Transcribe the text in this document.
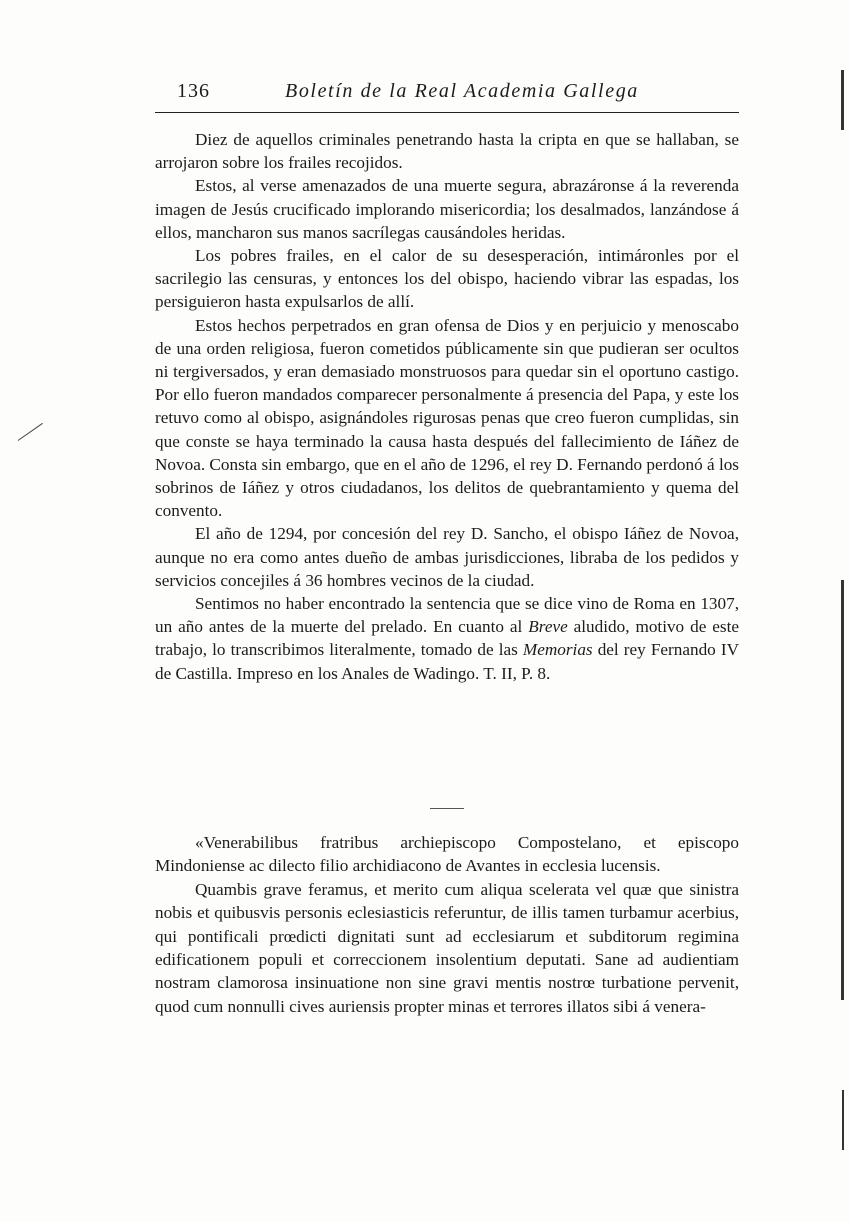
136	Boletín de la Real Academia Gallega

Diez de aquellos criminales penetrando hasta la cripta en que se hallaban, se arrojaron sobre los frailes recojidos.

Estos, al verse amenazados de una muerte segura, abrazáronse á la reverenda imagen de Jesús crucificado implorando misericordia; los desalmados, lanzándose á ellos, mancharon sus manos sacrílegas causándoles heridas.

Los pobres frailes, en el calor de su desesperación, intimáronles por el sacrilegio las censuras, y entonces los del obispo, haciendo vibrar las espadas, los persiguieron hasta expulsarlos de allí.

Estos hechos perpetrados en gran ofensa de Dios y en perjuicio y menoscabo de una orden religiosa, fueron cometidos públicamente sin que pudieran ser ocultos ni tergiversados, y eran demasiado monstruosos para quedar sin el oportuno castigo. Por ello fueron mandados comparecer personalmente á presencia del Papa, y este los retuvo como al obispo, asignándoles rigurosas penas que creo fueron cumplidas, sin que conste se haya terminado la causa hasta después del fallecimiento de Iáñez de Novoa. Consta sin embargo, que en el año de 1296, el rey D. Fernando perdonó á los sobrinos de Iáñez y otros ciudadanos, los delitos de quebrantamiento y quema del convento.

El año de 1294, por concesión del rey D. Sancho, el obispo Iáñez de Novoa, aunque no era como antes dueño de ambas jurisdicciones, libraba de los pedidos y servicios concejiles á 36 hombres vecinos de la ciudad.

Sentimos no haber encontrado la sentencia que se dice vino de Roma en 1307, un año antes de la muerte del prelado. En cuanto al Breve aludido, motivo de este trabajo, lo transcribimos literalmente, tomado de las Memorias del rey Fernando IV de Castilla. Impreso en los Anales de Wadingo. T. II, P. 8.

«Venerabilibus fratribus archiepiscopo Compostelano, et episcopo Mindoniense ac dilecto filio archidiacono de Avantes in ecclesia lucensis.

Quambis grave feramus, et merito cum aliqua scelerata vel quæ que sinistra nobis et quibusvis personis eclesiasticis referuntur, de illis tamen turbamur acerbius, qui pontificali prœdicti dignitati sunt ad ecclesiarum et subditorum regimina edificationem populi et correccionem insolentium deputati. Sane ad audientiam nostram clamorosa insinuatione non sine gravi mentis nostrœ turbatione pervenit, quod cum nonnulli cives auriensis propter minas et terrores illatos sibi á venera-
